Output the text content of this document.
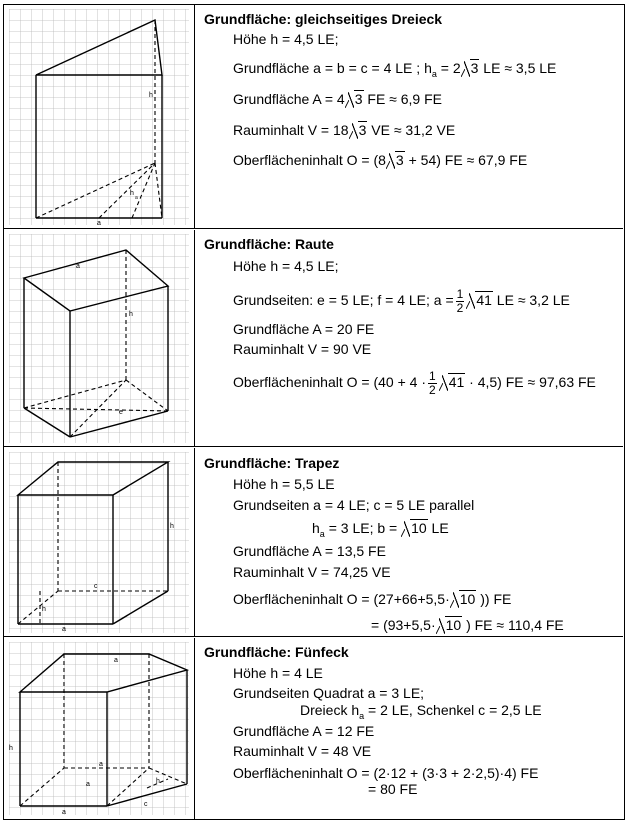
h
h
a
a
Grundfläche: gleichseitiges Dreieck
Höhe h = 4,5 LE;
Grundfläche a = b = c = 4 LE ; $h_a = 2$ 3 LE ≈ 3,5 LE
Grundfläche A = 4 3 FE ≈ 6,9 FE
Rauminhalt V = 18 3 VE ≈ 31,2 VE
Oberflächeninhalt O = (8 3 + 54) FE ≈ 67,9 FE
a
h
e
Grundfläche: Raute
Höhe h = 4,5 LE;
Grundseiten: e = 5 LE; f = 4 LE; $a = \frac{1}{2} 41$ LE ≈ 3,2 LE
Grundfläche A = 20 FE
Rauminhalt V = 90 VE
Oberflächeninhalt $O = (40 + 4 \cdot \frac{1}{2} 41 \cdot 4,5)$ FE ≈ 97,63 FE
h
c
h
a
Grundfläche: Trapez
Höhe h = 5,5 LE
Grundseiten a = 4 LE; c = 5 LE parallel
$h_a = 3$ LE; b = 10 LE
Grundfläche A = 13,5 FE
Rauminhalt V = 74,25 VE
Oberflächeninhalt O = (27+66+5,5· 10 )) FE
= (93+5,5· 10 ) FE ≈ 110,4 FE
a
h
a
a	h
a
c
Grundfläche: Fünfeck
Höhe h = 4 LE
Grundseiten Quadrat a = 3 LE;
Dreieck $h_a = 2$ LE, Schenkel c = 2,5 LE
Grundfläche A = 12 FE
Rauminhalt V = 48 VE
Oberflächeninhalt O = (2·12 + (3·3 + 2·2,5)·4) FE
= 80 FE
